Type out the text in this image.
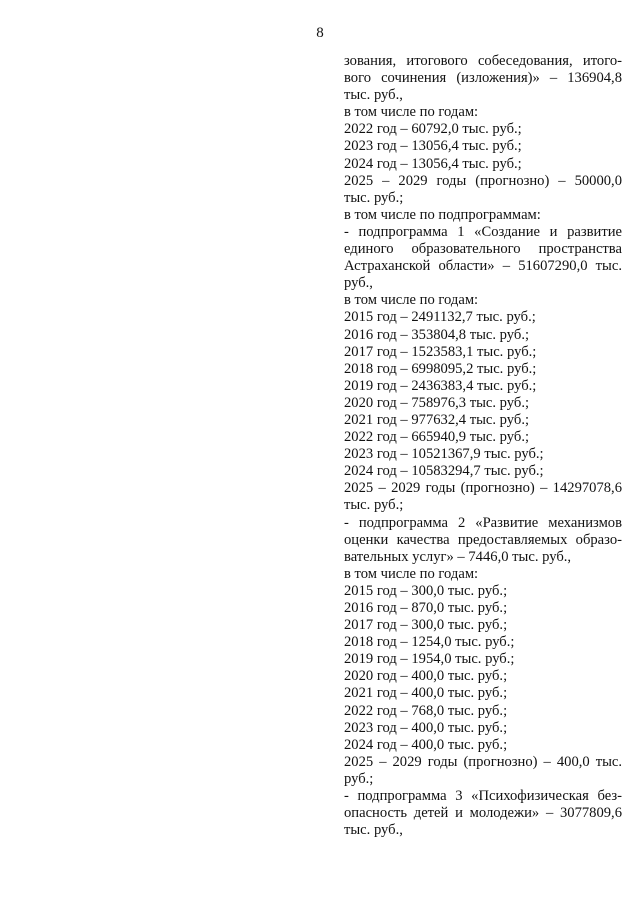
8
зования, итогового собеседования, итого-
вого сочинения (изложения)» – 136904,8
тыс. руб.,
в том числе по годам:
2022 год – 60792,0 тыс. руб.;
2023 год – 13056,4 тыс. руб.;
2024 год – 13056,4 тыс. руб.;
2025 – 2029 годы (прогнозно) – 50000,0
тыс. руб.;
в том числе по подпрограммам:
- подпрограмма 1 «Создание и развитие
единого образовательного пространства
Астраханской области» – 51607290,0 тыс.
руб.,
в том числе по годам:
2015 год – 2491132,7 тыс. руб.;
2016 год – 353804,8 тыс. руб.;
2017 год – 1523583,1 тыс. руб.;
2018 год – 6998095,2 тыс. руб.;
2019 год – 2436383,4 тыс. руб.;
2020 год – 758976,3 тыс. руб.;
2021 год – 977632,4 тыс. руб.;
2022 год – 665940,9 тыс. руб.;
2023 год – 10521367,9 тыс. руб.;
2024 год – 10583294,7 тыс. руб.;
2025 – 2029 годы (прогнозно) – 14297078,6
тыс. руб.;
- подпрограмма 2 «Развитие механизмов
оценки качества предоставляемых образо-
вательных услуг» – 7446,0 тыс. руб.,
в том числе по годам:
2015 год – 300,0 тыс. руб.;
2016 год – 870,0 тыс. руб.;
2017 год – 300,0 тыс. руб.;
2018 год – 1254,0 тыс. руб.;
2019 год – 1954,0 тыс. руб.;
2020 год – 400,0 тыс. руб.;
2021 год – 400,0 тыс. руб.;
2022 год – 768,0 тыс. руб.;
2023 год – 400,0 тыс. руб.;
2024 год – 400,0 тыс. руб.;
2025 – 2029 годы (прогнозно) – 400,0 тыс.
руб.;
- подпрограмма 3 «Психофизическая без-
опасность детей и молодежи» – 3077809,6
тыс. руб.,
